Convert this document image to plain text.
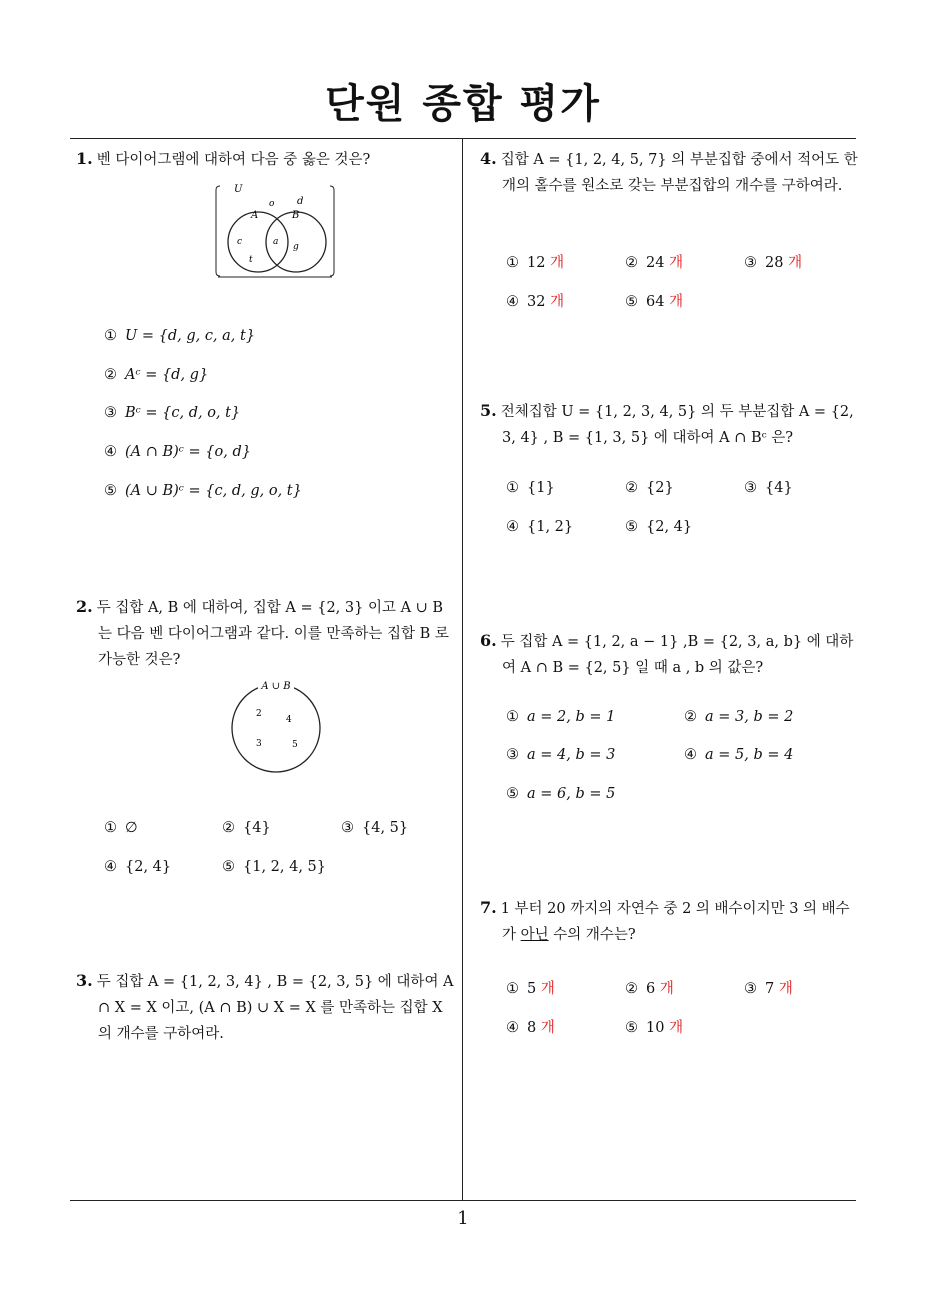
단원 종합 평가
1. 벤 다이어그램에 대하여 다음 중 옳은 것은?
U
o d
A	B
c	a g
t
① U = {d, g, c, a, t}
② Aᶜ = {d, g}
③ Bᶜ = {c, d, o, t}
④ (A ∩ B)ᶜ = {o, d}
⑤ (A ∪ B)ᶜ = {c, d, g, o, t}
2. 두 집합 A, B 에 대하여, 집합 A = {2, 3} 이고 A ∪ B 는 다음 벤 다이어그램과 같다. 이를 만족하는 집합 B 로 가능한 것은?
A ∪ B
2
4
3	5
① ∅	② {4}	③ {4, 5}
④ {2, 4}	⑤ {1, 2, 4, 5}
3. 두 집합 A = {1, 2, 3, 4} , B = {2, 3, 5} 에 대하여 A ∩ X = X 이고, (A ∩ B) ∪ X = X 를 만족하는 집합 X 의 개수를 구하여라.
4. 집합 A = {1, 2, 4, 5, 7} 의 부분집합 중에서 적어도 한 개의 홀수를 원소로 갖는 부분집합의 개수를 구하여라.
① 12 개	② 24 개	③ 28 개
④ 32 개	⑤ 64 개
5. 전체집합 U = {1, 2, 3, 4, 5} 의 두 부분집합 A = {2, 3, 4} , B = {1, 3, 5} 에 대하여 A ∩ Bᶜ 은?
① {1}	② {2}	③ {4}
④ {1, 2}	⑤ {2, 4}
6. 두 집합 A = {1, 2, a − 1} ,B = {2, 3, a, b} 에 대하여 A ∩ B = {2, 5} 일 때 a , b 의 값은?
① a = 2, b = 1	② a = 3, b = 2
③ a = 4, b = 3	④ a = 5, b = 4
⑤ a = 6, b = 5
7. 1 부터 20 까지의 자연수 중 2 의 배수이지만 3 의 배수가 아닌 수의 개수는?
① 5 개	② 6 개	③ 7 개
④ 8 개	⑤ 10 개
1
